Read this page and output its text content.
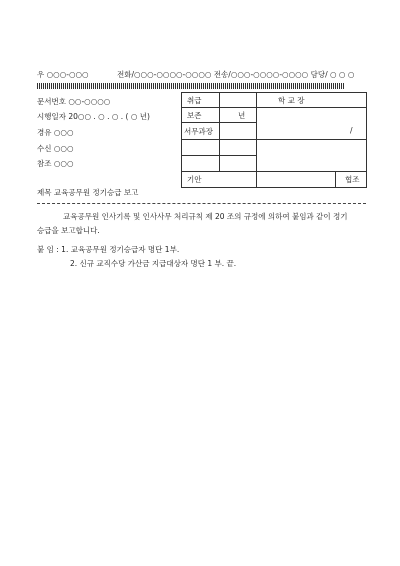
우 ○○○-○○○	전화/○○○-○○○○-○○○○ 전송/○○○-○○○○-○○○○ 담당/ ○ ○ ○
문서번호 ○○-○○○○
시행일자 20○○ . ○ . ○ . ( ○ 년)
경유 ○○○
수신 ○○○
참조 ○○○
취급	학 교 장
보존	년
서무과장	/
기안	협조
제목 교육공무원 정기승급 보고
교육공무원 인사기록 및 인사사무 처리규칙 제 20 조의 규정에 의하여 붙임과 같이 정기
승급을 보고합니다.
붙 임 : 1. 교육공무원 정기승급자 명단 1부.
2. 신규 교직수당 가산금 지급대상자 명단 1 부. 끝.
